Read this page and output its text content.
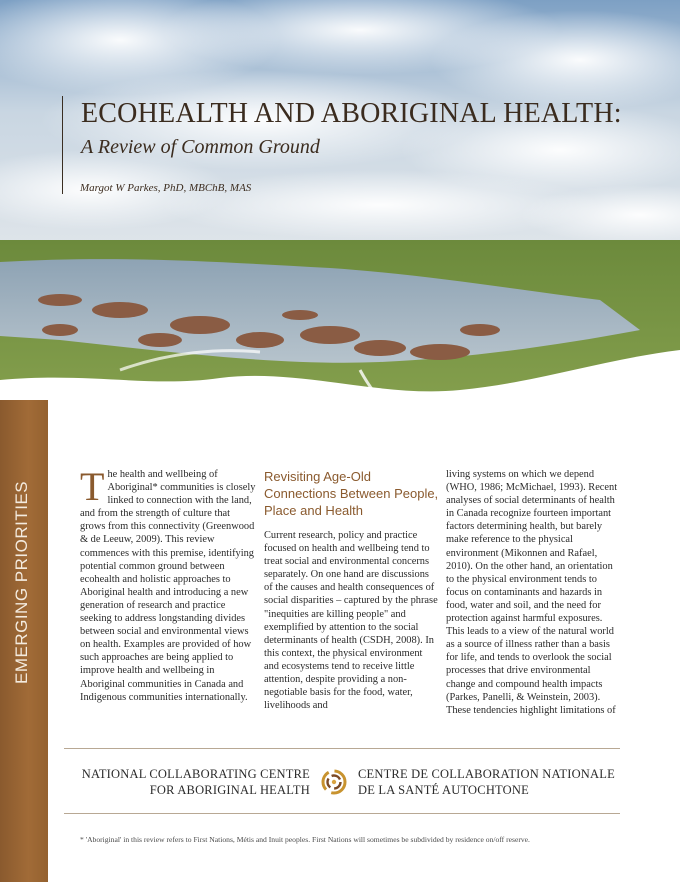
ECOHEALTH AND ABORIGINAL HEALTH:
A Review of Common Ground
Margot W Parkes, PhD, MBChB, MAS
T he health and wellbeing of Aboriginal* communities is closely linked to connection with the land, and from the strength of culture that grows from this connectivity (Greenwood & de Leeuw, 2009). This review commences with this premise, identifying potential common ground between ecohealth and holistic approaches to Aboriginal health and introducing a new generation of research and practice seeking to address longstanding divides between social and environmental views on health. Examples are provided of how such approaches are being applied to improve health and wellbeing in Aboriginal communities in Canada and Indigenous communities internationally.

Revisiting Age-Old Connections Between People, Place and Health

Current research, policy and practice focused on health and wellbeing tend to treat social and environmental concerns separately. On one hand are discussions of the causes and health consequences of social disparities – captured by the phrase "inequities are killing people" and exemplified by attention to the social determinants of health (CSDH, 2008). In this context, the physical environment and ecosystems tend to receive little attention, despite providing a non-negotiable basis for the food, water, livelihoods and

living systems on which we depend (WHO, 1986; McMichael, 1993). Recent analyses of social determinants of health in Canada recognize fourteen important factors determining health, but barely make reference to the physical environment (Mikonnen and Rafael, 2010). On the other hand, an orientation to the physical environment tends to focus on contaminants and hazards in food, water and soil, and the need for protection against harmful exposures. This leads to a view of the natural world as a source of illness rather than a basis for life, and tends to overlook the social processes that drive environmental change and compound health impacts (Parkes, Panelli, & Weinstein, 2003). These tendencies highlight limitations of

NATIONAL COLLABORATING CENTRE
FOR ABORIGINAL HEALTH
CENTRE DE COLLABORATION NATIONALE
DE LA SANTÉ AUTOCHTONE
* 'Aboriginal' in this review refers to First Nations, Métis and Inuit peoples. First Nations will sometimes be subdivided by residence on/off reserve.
